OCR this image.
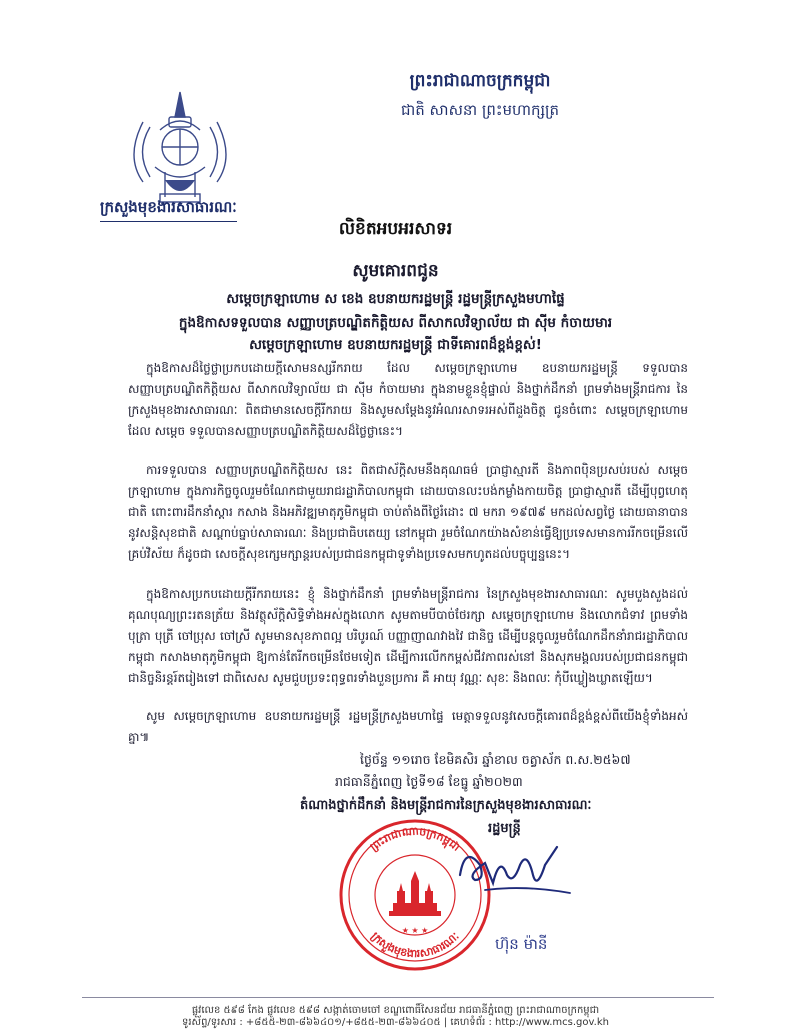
ព្រះរាជាណាចក្រកម្ពុជា
ជាតិ សាសនា ព្រះមហាក្សត្រ
ក្រសួងមុខងារសាធារណៈ
លិខិតអបអរសាទរ
សូមគោរពជូន
សម្តេចក្រឡាហោម ស ខេង ឧបនាយករដ្ឋមន្ត្រី រដ្ឋមន្ត្រីក្រសួងមហាផ្ទៃ
ក្នុងឱកាសទទួលបាន សញ្ញាបត្របណ្ឌិតកិត្តិយស ពីសាកលវិទ្យាល័យ ជា ស៊ីម កំចាយមារ
សម្តេចក្រឡាហោម ឧបនាយករដ្ឋមន្ត្រី ជាទីគោរពដ៏ខ្ពង់ខ្ពស់!

ក្នុងឱកាសដ៏ថ្លៃថ្លាប្រកបដោយក្តីសោមនស្សរីករាយ ដែល សម្តេចក្រឡាហោម ឧបនាយករដ្ឋមន្ត្រី ទទួលបាន សញ្ញាបត្របណ្ឌិតកិត្តិយស ពីសាកលវិទ្យាល័យ ជា ស៊ីម កំចាយមារ ក្នុងនាមខ្លួនខ្ញុំផ្ទាល់ និងថ្នាក់ដឹកនាំ ព្រមទាំងមន្ត្រីរាជការ នៃក្រសួងមុខងារសាធារណៈ ពិតជាមានសេចក្តីរីករាយ និងសូមសម្តែងនូវអំណរសាទរអស់ពីដួងចិត្ត ជូនចំពោះ សម្តេចក្រឡាហោម ដែល សម្តេច ទទួលបានសញ្ញាបត្របណ្ឌិតកិត្តិយសដ៏ថ្លៃថ្លានេះ។

ការទទួលបាន សញ្ញាបត្របណ្ឌិតកិត្តិយស នេះ ពិតជាស័ក្តិសមនឹងគុណធម៌ ប្រាជ្ញាស្មារតី និងភាពប៉ិនប្រសប់របស់ សម្តេចក្រឡាហោម ក្នុងភារកិច្ចចូលរួមចំណែកជាមួយរាជរដ្ឋាភិបាលកម្ពុជា ដោយបានលះបង់កម្លាំងកាយចិត្ត ប្រាជ្ញាស្មារតី ដើម្បីបុព្វហេតុជាតិ ពោះពារដឹកនាំស្តារ កសាង និងអភិវឌ្ឍមាតុភូមិកម្ពុជា ចាប់តាំងពីថ្ងៃរំដោះ ៧ មករា ១៩៧៩ មកដល់សព្វថ្ងៃ ដោយធានាបាននូវសន្តិសុខជាតិ សណ្តាប់ធ្នាប់សាធារណៈ និងប្រជាធិបតេយ្យ នៅកម្ពុជា រួមចំណែកយ៉ាងសំខាន់ធ្វើឱ្យប្រទេសមានការរីកចម្រើនលើគ្រប់វិស័យ ក៏ដូចជា សេចក្តីសុខក្សេមក្សាន្តរបស់ប្រជាជនកម្ពុជាទូទាំងប្រទេសមកហូតដល់បច្ចុប្បន្ននេះ។

ក្នុងឱកាសប្រកបដោយក្តីរីករាយនេះ ខ្ញុំ និងថ្នាក់ដឹកនាំ ព្រមទាំងមន្ត្រីរាជការ នៃក្រសួងមុខងារសាធារណៈ សូមបួងសួងដល់គុណបុណ្យព្រះរតនត្រ័យ និងវត្ថុស័ក្តិសិទ្ធិទាំងអស់ក្នុងលោក សូមតាមបីបាច់ថែរក្សា សម្តេចក្រឡាហោម និងលោកជំទាវ ព្រមទាំងបុត្រា បុត្រី ចៅប្រុស ចៅស្រី សូមមានសុខភាពល្អ បរិបូរណ៍ បញ្ញាញាណវាងវៃ ជានិច្ច ដើម្បីបន្តចូលរួមចំណែកដឹកនាំរាជរដ្ឋាភិបាលកម្ពុជា កសាងមាតុភូមិកម្ពុជា ឱ្យកាន់តែរីកចម្រើនថែមទៀត ដើម្បីការលើកកម្ពស់ជីវភាពរស់នៅ និងសុភមង្គលរបស់ប្រជាជនកម្ពុជា ជានិច្ចនិរន្តរ៍តរៀងទៅ ជាពិសេស សូមជួបប្រទះពុទ្ធពរទាំងបួនប្រការ គឺ អាយុ វណ្ណៈ សុខៈ និងពលៈ កុំបីឃ្លៀងឃ្លាតឡើយ។

សូម សម្តេចក្រឡាហោម ឧបនាយករដ្ឋមន្ត្រី រដ្ឋមន្ត្រីក្រសួងមហាផ្ទៃ មេត្តាទទួលនូវសេចក្តីគោរពដ៏ខ្ពង់ខ្ពស់ពីយើងខ្ញុំទាំងអស់គ្នា៕

ថ្ងៃច័ន្ទ ១១រោច ខែមិគសិរ ឆ្នាំខាល ចត្វាស័ក ព.ស.២៥៦៧
រាជធានីភ្នំពេញ ថ្ងៃទី១៨ ខែធ្នូ ឆ្នាំ២០២៣
តំណាងថ្នាក់ដឹកនាំ និងមន្ត្រីរាជការនៃក្រសួងមុខងារសាធារណៈ
រដ្ឋមន្ត្រី
ព្រះរាជាណាចក្រកម្ពុជា
ក្រសួងមុខងារសាធារណៈ
★ ★ ★
ហ៊ុន ម៉ានី
ផ្លូវលេខ ៥៩៨ កែង ផ្លូវលេខ ៥៩៨ សង្កាត់ចោមចៅ ខណ្ឌពោធិ៍សែនជ័យ រាជធានីភ្នំពេញ ព្រះរាជាណាចក្រកម្ពុជា
ទូរស័ព្ទ/ទូរសារ : +៨៥៥-២៣-៨៦៦៤០១/+៨៥៥-២៣-៨៦៦៤០៥ | គេហទំព័រ : http://www.mcs.gov.kh
